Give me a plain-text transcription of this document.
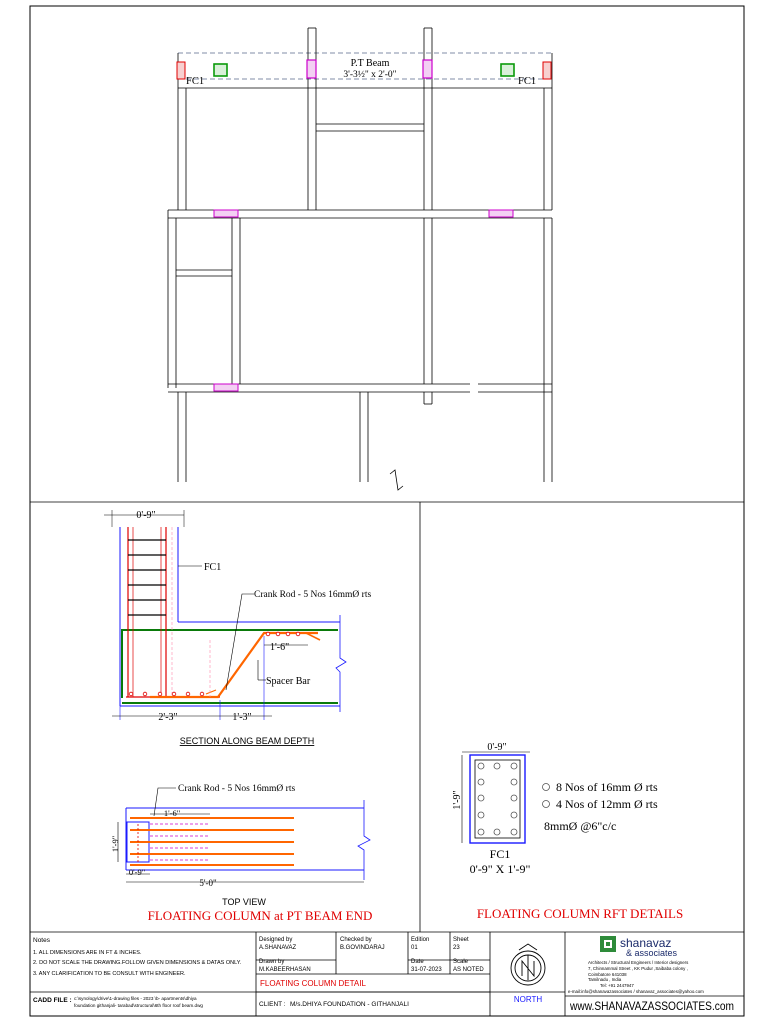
P.T Beam
3'-3½" x 2'-0"
FC1	FC1
0'-9"
FC1
Crank Rod - 5 Nos 16mmØ rts
1'-6"
Spacer Bar
2'-3"	1'-3"
SECTION ALONG BEAM DEPTH
Crank Rod - 5 Nos 16mmØ rts
1'-6"
1'-9"
0'-9"
5'-0"
TOP VIEW
FLOATING COLUMN at PT BEAM END
0'-9"
1'-9"
8 Nos of 16mm Ø rts
4 Nos of 12mm Ø rts
8mmØ @6"c/c
FC1
0'-9" X 1'-9"
FLOATING COLUMN RFT DETAILS
Notes
1. ALL DIMENSIONS ARE IN FT & INCHES.
2. DO NOT SCALE THE DRAWING.FOLLOW GIVEN DIMENSIONS & DATAS ONLY.
3. ANY CLARIFICATION TO BE CONSULT WITH ENGINEER.
CADD FILE : c:\synology\drive\1-drawing files - 2023 \b- apartments\dhiya
foundation githanjali- tarabad\structural\6th floor roof beam.dwg
Designed by
A.SHANAVAZ
Checked by
B.GOVINDARAJ
Edition
01
Sheet
23
Drawn by
M.KABEERHASAN
Date
31-07-2023
Scale
AS NOTED
FLOATING COLUMN DETAIL
CLIENT : M/s.DHIYA FOUNDATION - GITHANJALI
NORTH
shanavaz
& associates
Architects / Structural Engineers / Interior designers
7, Chinnammal Street , KK Pudur ,Saibaba colony ,
Coimbatore 641038
Tamilnadu , India
Tel: +91 2447947
e-mail:info@shanavazassociates / shanavaz_associates@yahoo.com
www.SHANAVAZASSOCIATES.com
